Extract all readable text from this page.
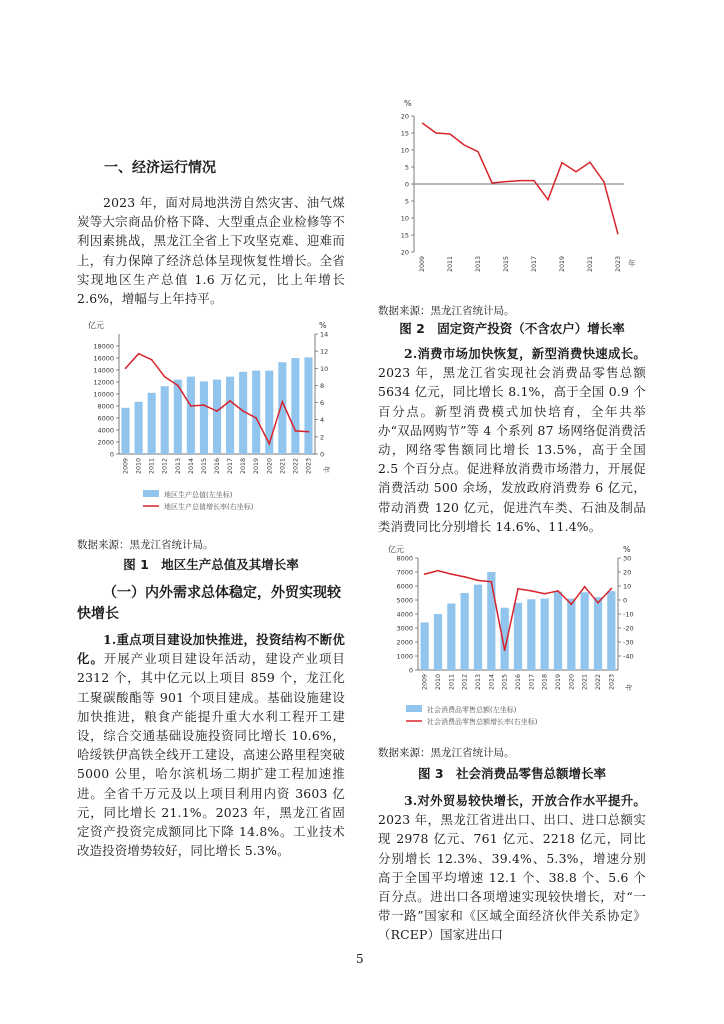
一、经济运行情况

2023 年，面对局地洪涝自然灾害、油气煤炭等大宗商品价格下降、大型重点企业检修等不利因素挑战，黑龙江全省上下攻坚克难、迎难而上，有力保障了经济总体呈现恢复性增长。全省实现地区生产总值 1.6 万亿元，比上年增长 2.6%，增幅与上年持平。

亿元	%
0
2000
4000
6000
8000
10000
12000
14000
16000
18000
0
2
4
6
8
10
12
14
2009 2010 2011 2012 2013 2014 2015 2016 2017 2018 2019 2020 2021 2022 2023 年
地区生产总值(左坐标)
地区生产总值增长率(右坐标)
数据来源：黑龙江省统计局。
图 1　地区生产总值及其增长率
（一）内外需求总体稳定，外贸实现较快增长

1.重点项目建设加快推进，投资结构不断优化。开展产业项目建设年活动，建设产业项目 2312 个，其中亿元以上项目 859 个，龙江化工聚碳酸酯等 901 个项目建成。基础设施建设加快推进，粮食产能提升重大水利工程开工建设，综合交通基础设施投资同比增长 10.6%，哈绥铁伊高铁全线开工建设，高速公路里程突破 5000 公里，哈尔滨机场二期扩建工程加速推进。全省千万元及以上项目利用内资 3603 亿元，同比增长 21.1%。2023 年，黑龙江省固定资产投资完成额同比下降 14.8%。工业技术改造投资增势较好，同比增长 5.3%。

%
20
15
10
5
0
5
10
15
20
2009	2011	2013	2015	2017	2019	2021	2023 年
数据来源：黑龙江省统计局。
图 2　固定资产投资（不含农户）增长率

2.消费市场加快恢复，新型消费快速成长。2023 年，黑龙江省实现社会消费品零售总额 5634 亿元，同比增长 8.1%，高于全国 0.9 个百分点。新型消费模式加快培育，全年共举办“双品网购节”等 4 个系列 87 场网络促消费活动，网络零售额同比增长 13.5%，高于全国 2.5 个百分点。促进释放消费市场潜力，开展促消费活动 500 余场，发放政府消费券 6 亿元，带动消费 120 亿元，促进汽车类、石油及制品类消费同比分别增长 14.6%、11.4%。

亿元	%
0
1000
2000
3000
4000
5000
6000
7000
8000
-40
-30
-20
-10
0
10
20
30
2009 2010 2011 2012 2013 2014 2015 2016 2017 2018 2019 2020 2021 2022 2023 年
社会消费品零售总额(左坐标)
社会消费品零售总额增长率(右坐标)
数据来源：黑龙江省统计局。
图 3　社会消费品零售总额增长率

3.对外贸易较快增长，开放合作水平提升。2023 年，黑龙江省进出口、出口、进口总额实现 2978 亿元、761 亿元、2218 亿元，同比分别增长 12.3%、39.4%、5.3%，增速分别高于全国平均增速 12.1 个、38.8 个、5.6 个百分点。进出口各项增速实现较快增长，对“一带一路”国家和《区域全面经济伙伴关系协定》（RCEP）国家进出口

5
